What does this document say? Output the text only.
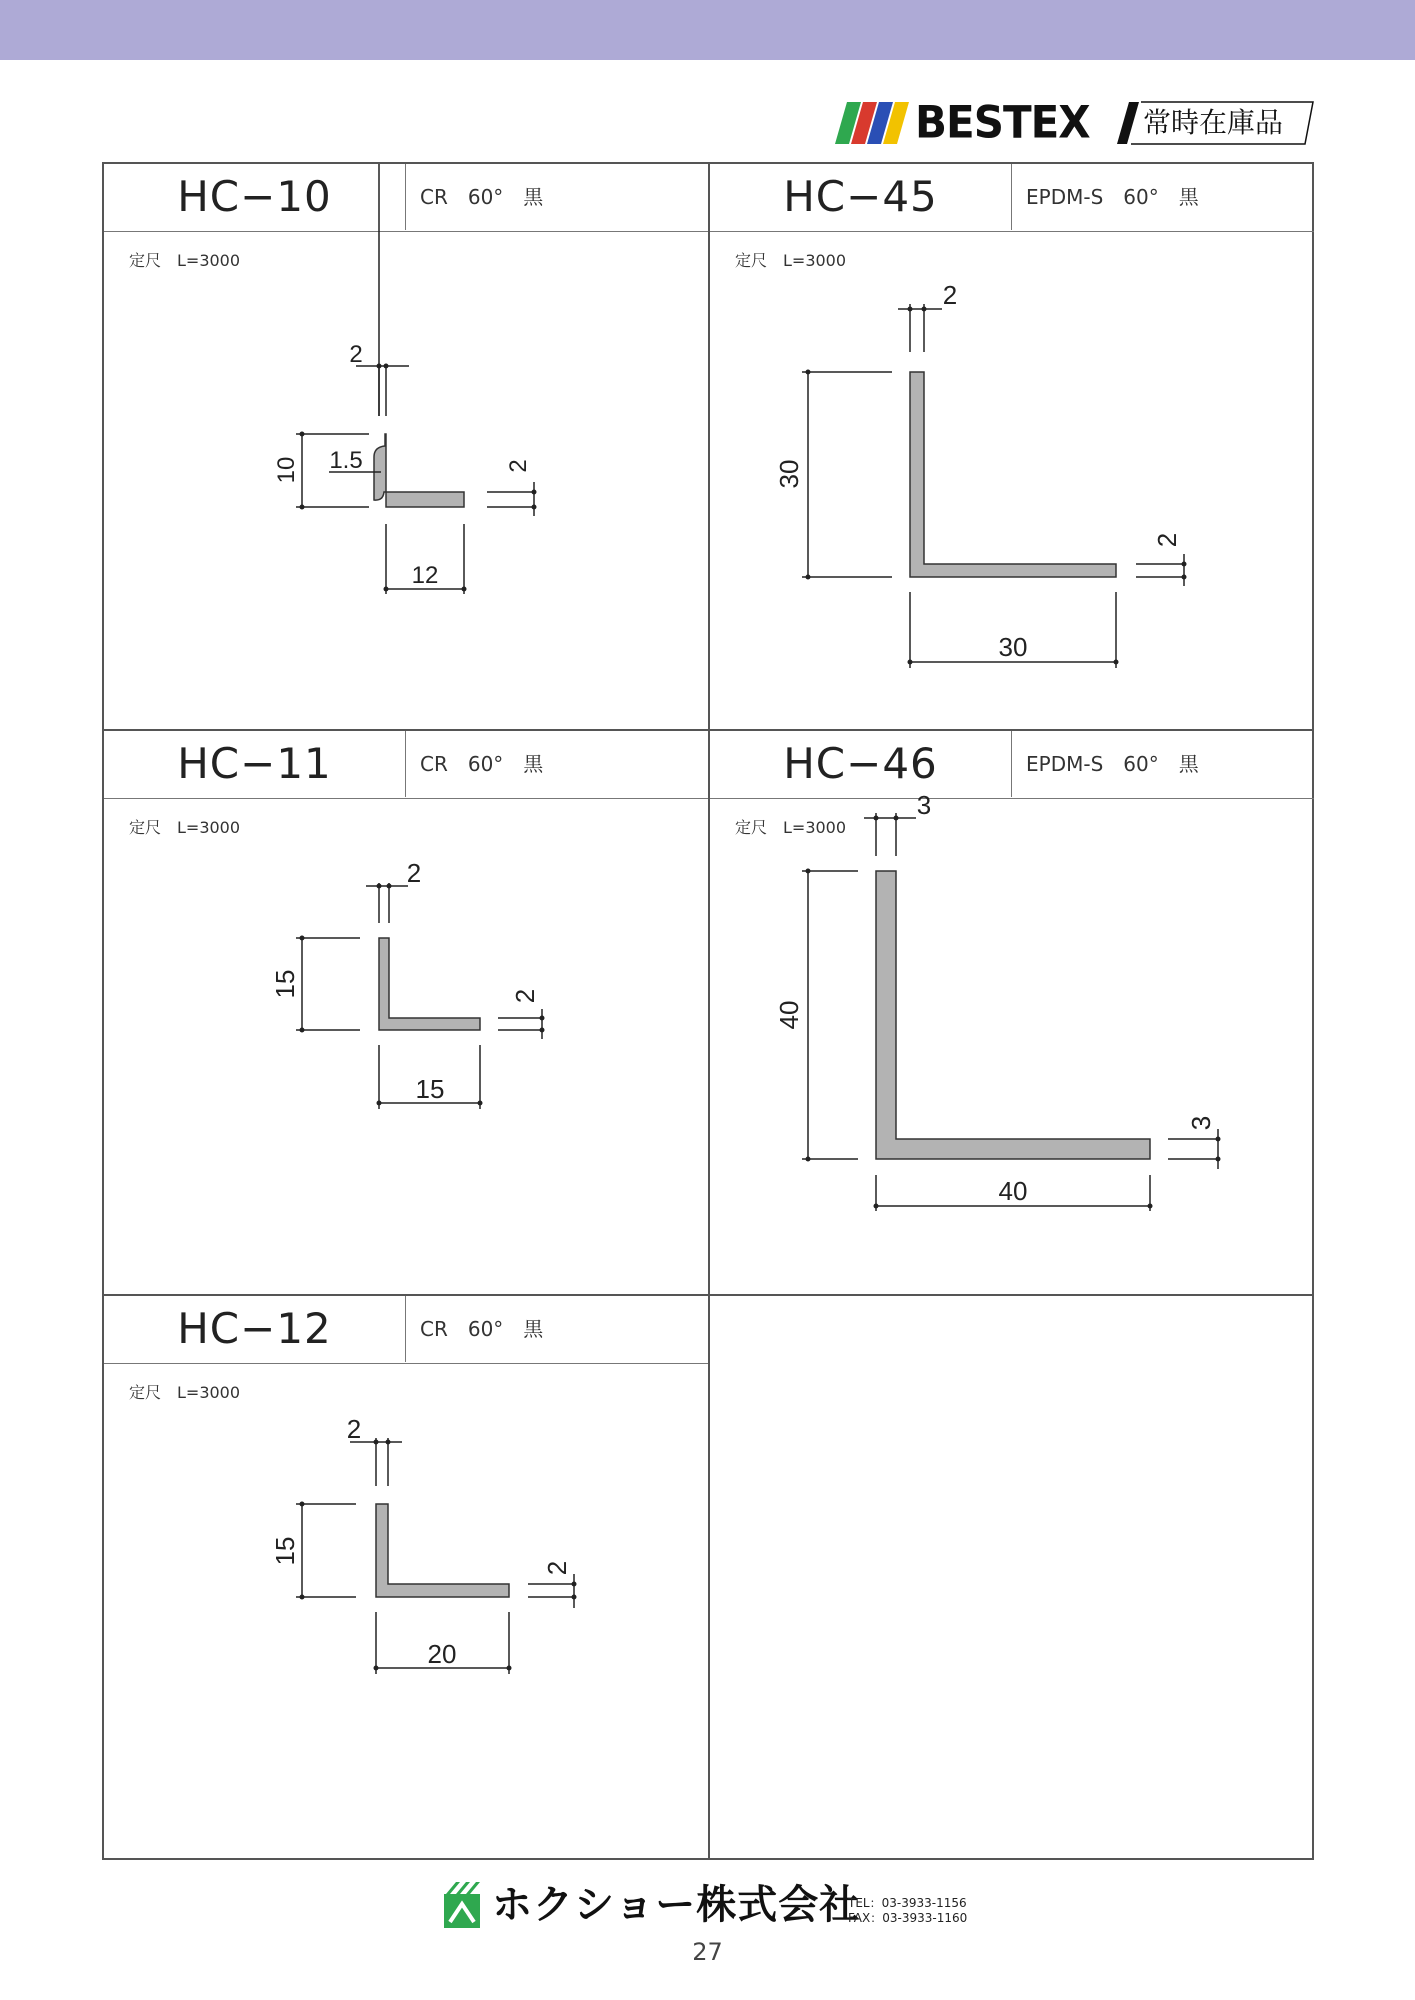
BESTEX 常時在庫品
HC−10	CR　60°　黒
定尺　L=3000
2
1.5
10	2
12
HC−45	EPDM-S　60°　黒
定尺　L=3000
2
30
2
30
HC−11	CR　60°　黒
定尺　L=3000
2
15	2
15
HC−46	EPDM-S　60°　黒
定尺　L=3000
3
40
3
40
HC−12	CR　60°　黒
定尺　L=3000
2
15
2
20
ホクショー株式会社
TEL：03-3933-1156
FAX：03-3933-1160
27
